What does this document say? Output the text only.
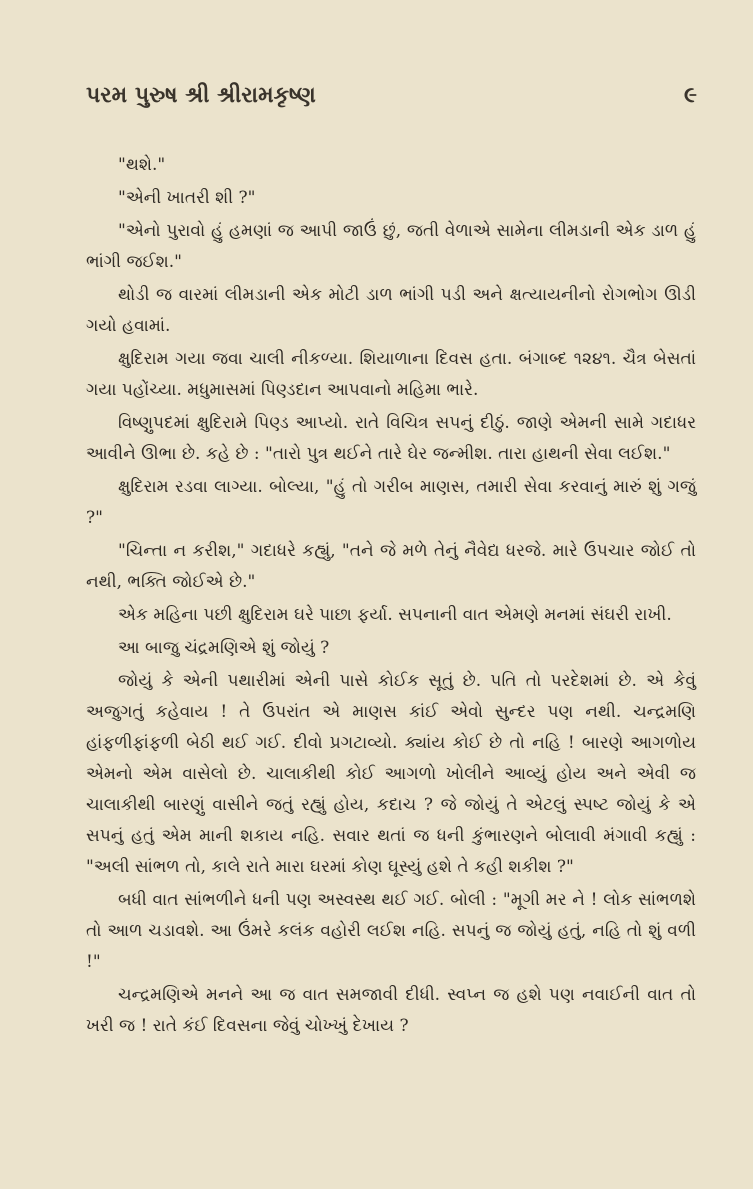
પરમ પુરુષ શ્રી શ્રીરામકૃષ્ણ	૯

"થશે."

"એની ખાતરી શી ?"

"એનો પુરાવો હું હમણાં જ આપી જાઉં છું, જતી વેળાએ સામેના લીમડાની એક ડાળ હું ભાંગી જઈશ."

થોડી જ વારમાં લીમડાની એક મોટી ડાળ ભાંગી પડી અને ક્ષત્યાયનીનો રોગભોગ ઊડી ગયો હવામાં.

ક્ષુદિરામ ગયા જવા ચાલી નીકળ્યા. શિયાળાના દિવસ હતા. બંગાબ્દ ૧૨૪૧. ચૈત્ર બેસતાં ગયા પહોંચ્યા. મધુમાસમાં પિણ્ડદાન આપવાનો મહિમા ભારે.

વિષ્ણુપદમાં ક્ષુદિરામે પિણ્ડ આપ્યો. રાતે વિચિત્ર સપનું દીઠું. જાણે એમની સામે ગદાધર આવીને ઊભા છે. કહે છે : "તારો પુત્ર થઈને તારે ઘેર જન્મીશ. તારા હાથની સેવા લઈશ."

ક્ષુદિરામ રડવા લાગ્યા. બોલ્યા, "હું તો ગરીબ માણસ, તમારી સેવા કરવાનું મારું શું ગજું ?"

"ચિન્તા ન કરીશ," ગદાધરે કહ્યું, "તને જે મળે તેનું નૈવેદ્ય ધરજે. મારે ઉપચાર જોઈ તો નથી, ભક્તિ જોઈએ છે."

એક મહિના પછી ક્ષુદિરામ ઘરે પાછા ફર્યા. સપનાની વાત એમણે મનમાં સંઘરી રાખી.

આ બાજુ ચંદ્રમણિએ શું જોયું ?

જોયું કે એની પથારીમાં એની પાસે કોઈક સૂતું છે. પતિ તો પરદેશમાં છે. એ કેવું અજુગતું કહેવાય ! તે ઉપરાંત એ માણસ કાંઈ એવો સુન્દર પણ નથી. ચન્દ્રમણિ હાંફળીફાંફળી બેઠી થઈ ગઈ. દીવો પ્રગટાવ્યો. ક્યાંય કોઈ છે તો નહિ ! બારણે આગળોય એમનો એમ વાસેલો છે. ચાલાકીથી કોઈ આગળો ખોલીને આવ્યું હોય અને એવી જ ચાલાકીથી બારણું વાસીને જતું રહ્યું હોય, કદાચ ? જે જોયું તે એટલું સ્પષ્ટ જોયું કે એ સપનું હતું એમ માની શકાય નહિ. સવાર થતાં જ ધની કુંભારણને બોલાવી મંગાવી કહ્યું : "અલી સાંભળ તો, કાલે રાતે મારા ઘરમાં કોણ ઘૂસ્યું હશે તે કહી શકીશ ?"

બધી વાત સાંભળીને ધની પણ અસ્વસ્થ થઈ ગઈ. બોલી : "મૂગી મર ને ! લોક સાંભળશે તો આળ ચડાવશે. આ ઉંમરે કલંક વહોરી લઈશ નહિ. સપનું જ જોયું હતું, નહિ તો શું વળી !"

ચન્દ્રમણિએ મનને આ જ વાત સમજાવી દીધી. સ્વપ્ન જ હશે પણ નવાઈની વાત તો ખરી જ ! રાતે કંઈ દિવસના જેવું ચોખ્ખું દેખાય ?
